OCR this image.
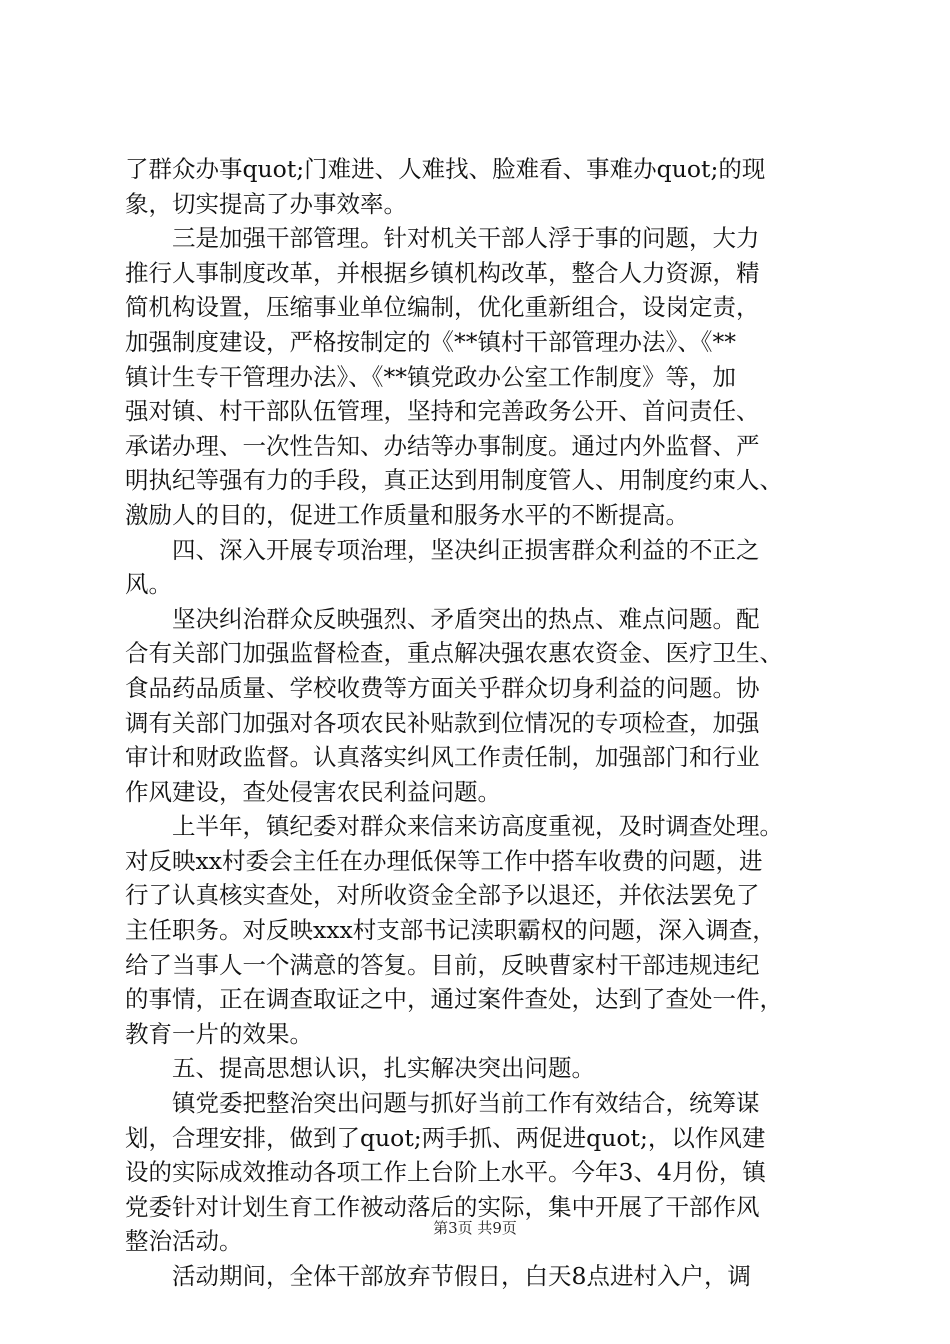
了群众办事quot;门难进、人难找、脸难看、事难办quot;的现
象，切实提高了办事效率。
　　三是加强干部管理。针对机关干部人浮于事的问题，大力
推行人事制度改革，并根据乡镇机构改革，整合人力资源，精
简机构设置，压缩事业单位编制，优化重新组合，设岗定责，
加强制度建设，严格按制定的《**镇村干部管理办法》、《**
镇计生专干管理办法》、《**镇党政办公室工作制度》等，加
强对镇、村干部队伍管理，坚持和完善政务公开、首问责任、
承诺办理、一次性告知、办结等办事制度。通过内外监督、严
明执纪等强有力的手段，真正达到用制度管人、用制度约束人、
激励人的目的，促进工作质量和服务水平的不断提高。
　　四、深入开展专项治理，坚决纠正损害群众利益的不正之
风。
　　坚决纠治群众反映强烈、矛盾突出的热点、难点问题。配
合有关部门加强监督检查，重点解决强农惠农资金、医疗卫生、
食品药品质量、学校收费等方面关乎群众切身利益的问题。协
调有关部门加强对各项农民补贴款到位情况的专项检查，加强
审计和财政监督。认真落实纠风工作责任制，加强部门和行业
作风建设，查处侵害农民利益问题。
　　上半年，镇纪委对群众来信来访高度重视，及时调查处理。
对反映xx村委会主任在办理低保等工作中搭车收费的问题，进
行了认真核实查处，对所收资金全部予以退还，并依法罢免了
主任职务。对反映xxx村支部书记渎职霸权的问题，深入调查，
给了当事人一个满意的答复。目前，反映曹家村干部违规违纪
的事情，正在调查取证之中，通过案件查处，达到了查处一件，
教育一片的效果。
　　五、提高思想认识，扎实解决突出问题。
　　镇党委把整治突出问题与抓好当前工作有效结合，统筹谋
划，合理安排，做到了quot;两手抓、两促进quot;，以作风建
设的实际成效推动各项工作上台阶上水平。今年3、4月份，镇
党委针对计划生育工作被动落后的实际，集中开展了干部作风
整治活动。
　　活动期间，全体干部放弃节假日，白天8点进村入户，调
第3页 共9页
